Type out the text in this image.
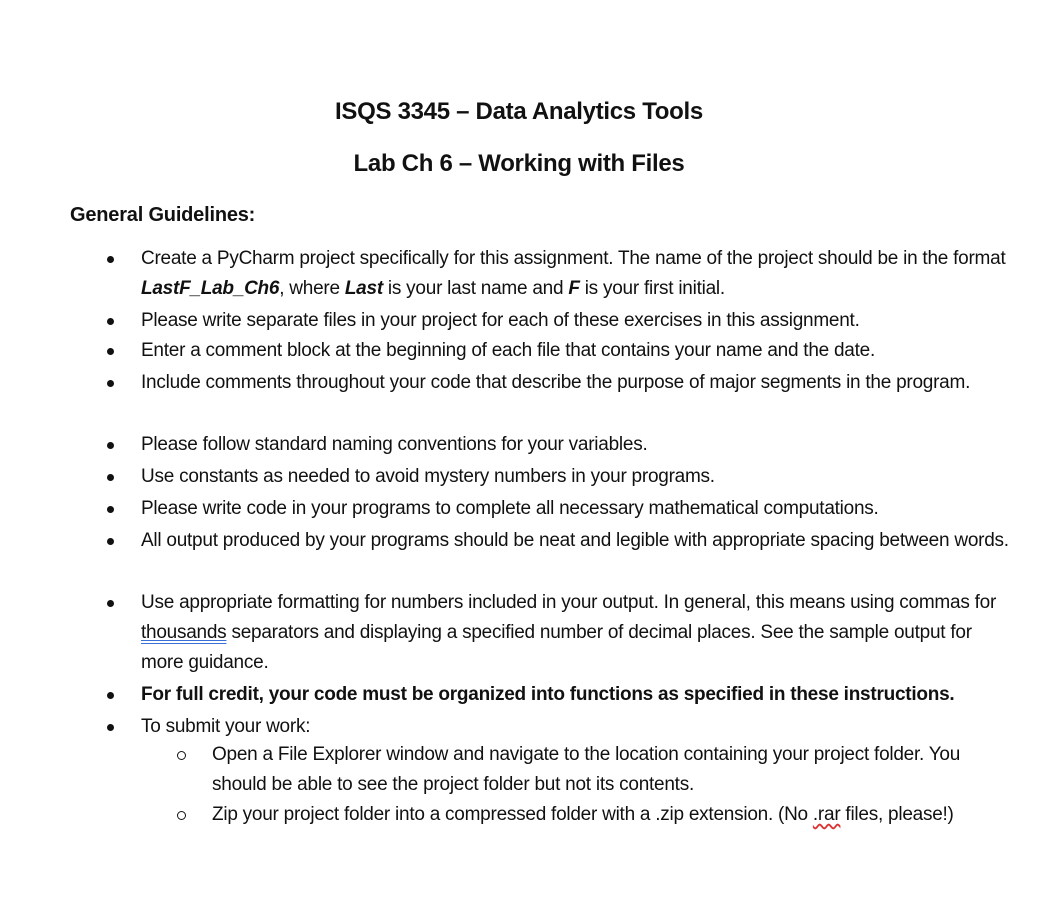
ISQS 3345 – Data Analytics Tools
Lab Ch 6 – Working with Files
General Guidelines:
Create a PyCharm project specifically for this assignment. The name of the project should be in the format LastF_Lab_Ch6, where Last is your last name and F is your first initial.
Please write separate files in your project for each of these exercises in this assignment.
Enter a comment block at the beginning of each file that contains your name and the date.
Include comments throughout your code that describe the purpose of major segments in the program.
Please follow standard naming conventions for your variables.
Use constants as needed to avoid mystery numbers in your programs.
Please write code in your programs to complete all necessary mathematical computations.
All output produced by your programs should be neat and legible with appropriate spacing between words.
Use appropriate formatting for numbers included in your output. In general, this means using commas for thousands separators and displaying a specified number of decimal places. See the sample output for more guidance.
For full credit, your code must be organized into functions as specified in these instructions.
To submit your work:
Open a File Explorer window and navigate to the location containing your project folder. You should be able to see the project folder but not its contents.
Zip your project folder into a compressed folder with a .zip extension. (No .rar files, please!)
